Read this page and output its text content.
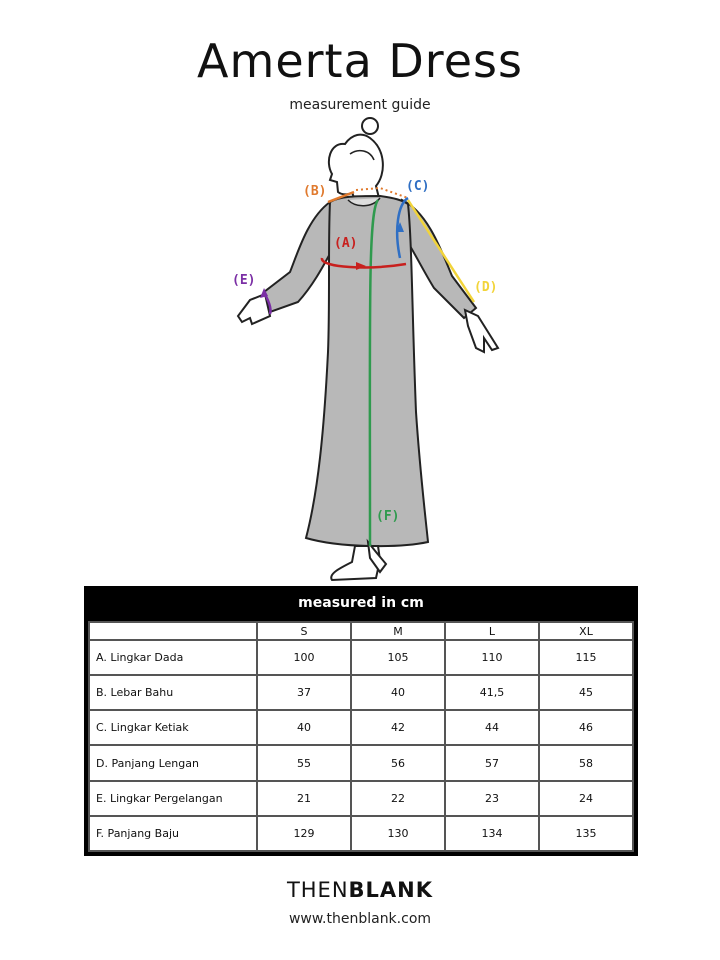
Amerta Dress
measurement guide
(A)
(B)	(C)
(D)
(E)
(F)
measured in cm
	S	M	L	XL
A. Lingkar Dada	100	105	110	115
B. Lebar Bahu	37	40	41,5	45
C. Lingkar Ketiak	40	42	44	46
D. Panjang Lengan	55	56	57	58
E. Lingkar Pergelangan	21	22	23	24
F. Panjang Baju	129	130	134	135
THENBLANK
www.thenblank.com
